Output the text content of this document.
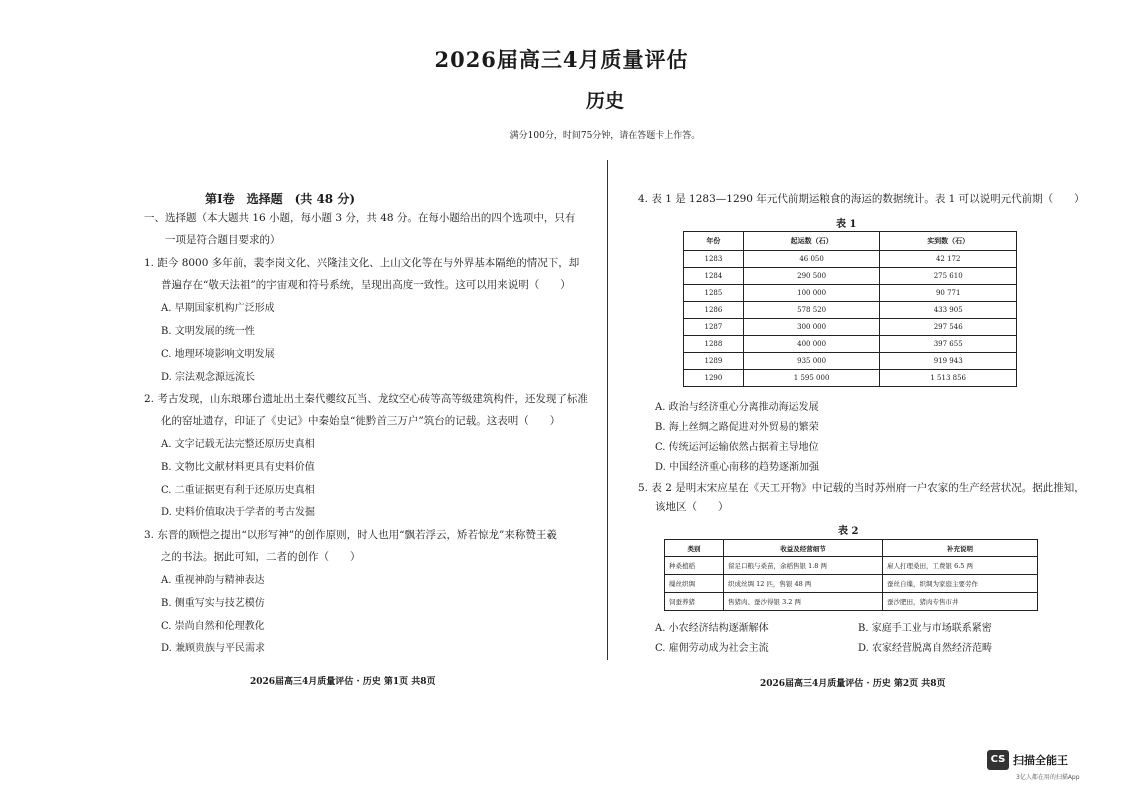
2026届高三4月质量评估
历史
满分100分，时间75分钟，请在答题卡上作答。
第Ⅰ卷　选择题　(共 48 分)
一、选择题（本大题共 16 小题，每小题 3 分，共 48 分。在每小题给出的四个选项中，只有
一项是符合题目要求的）
1. 距今 8000 多年前，裴李岗文化、兴隆洼文化、上山文化等在与外界基本隔绝的情况下，却
普遍存在“敬天法祖”的宇宙观和符号系统，呈现出高度一致性。这可以用来说明（　　）
A. 早期国家机构广泛形成
B. 文明发展的统一性
C. 地理环境影响文明发展
D. 宗法观念源远流长
2. 考古发现，山东琅琊台遗址出土秦代夔纹瓦当、龙纹空心砖等高等级建筑构件，还发现了标准
化的窑址遗存，印证了《史记》中秦始皇“徙黔首三万户”筑台的记载。这表明（　　）
A. 文字记载无法完整还原历史真相
B. 文物比文献材料更具有史料价值
C. 二重证据更有利于还原历史真相
D. 史料价值取决于学者的考古发掘
3. 东晋的顾恺之提出“以形写神”的创作原则，时人也用“飘若浮云，矫若惊龙”来称赞王羲
之的书法。据此可知，二者的创作（　　）
A. 重视神韵与精神表达
B. 侧重写实与技艺模仿
C. 崇尚自然和伦理教化
D. 兼顾贵族与平民需求
2026届高三4月质量评估 · 历史 第1页 共8页
4. 表 1 是 1283—1290 年元代前期运粮食的海运的数据统计。表 1 可以说明元代前期（　　）
表 1
年份	起运数（石）	实到数（石）
1283	46 050	42 172
1284	290 500	275 610
1285	100 000	90 771
1286	578 520	433 905
1287	300 000	297 546
1288	400 000	397 655
1289	935 000	919 943
1290	1 595 000	1 513 856
A. 政治与经济重心分离推动海运发展
B. 海上丝绸之路促进对外贸易的繁荣
C. 传统运河运输依然占据着主导地位
D. 中国经济重心南移的趋势逐渐加强
5. 表 2 是明末宋应星在《天工开物》中记载的当时苏州府一户农家的生产经营状况。据此推知，
该地区（　　）
表 2
类别	收益及经营细节	补充说明
种桑植稻	留足口粮与桑苗，余稻售银 1.8 两	雇人打理桑田，工费银 6.5 两
缫丝织绸	织成丝绸 12 匹，售银 48 两	蚕丝自缫，织绸为家庭主要劳作
饲蚕养猪	售猪肉、蚕沙得银 3.2 两	蚕沙肥田，猪肉专售市井
A. 小农经济结构逐渐解体	B. 家庭手工业与市场联系紧密
C. 雇佣劳动成为社会主流	D. 农家经营脱离自然经济范畴
2026届高三4月质量评估 · 历史 第2页 共8页
CS 扫描全能王
3亿人都在用的扫描App
